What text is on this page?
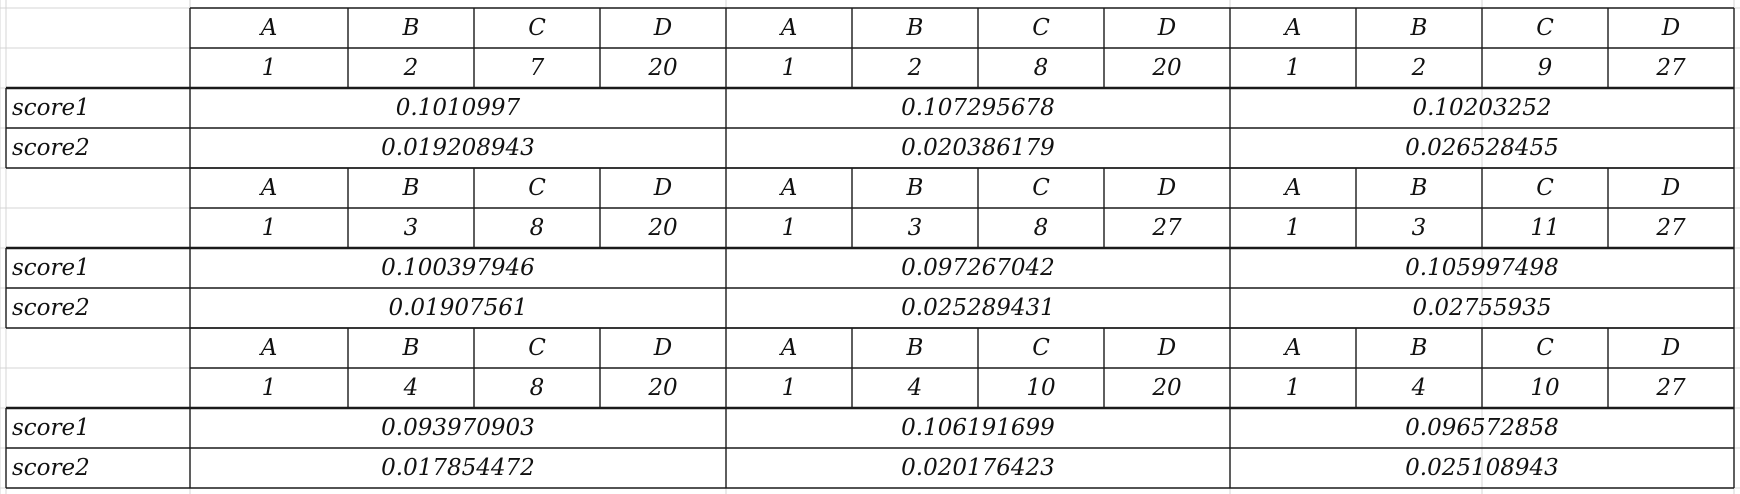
A
1
B
2
C
7
D
20
0.1010997
0.019208943
A
1
B
2
C
8
D
20
0.107295678
0.020386179
A
1
B
2
C
9
D
27
0.10203252
0.026528455
score1
score2
A
1
B
3
C
8
D
20
0.100397946
0.01907561
A
1
B
3
C
8
D
27
0.097267042
0.025289431
A
1
B
3
C
11
D
27
0.105997498
0.02755935
score1
score2
A
1
B
4
C
8
D
20
0.093970903
0.017854472
A
1
B
4
C
10
D
20
0.106191699
0.020176423
A
1
B
4
C
10
D
27
0.096572858
0.025108943
score1
score2
